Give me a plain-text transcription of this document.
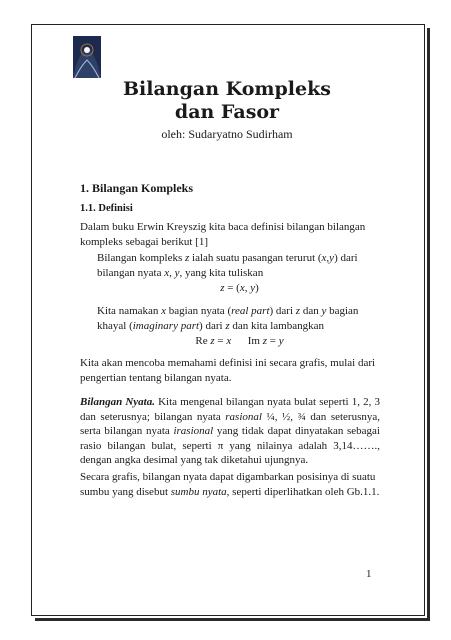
Bilangan Kompleks
dan Fasor
oleh: Sudaryatno Sudirham
1. Bilangan Kompleks
1.1. Definisi

Dalam buku Erwin Kreyszig kita baca definisi bilangan bilangan kompleks sebagai berikut [1]

Bilangan kompleks z ialah suatu pasangan terurut (x,y) dari bilangan nyata x, y, yang kita tuliskan

z = (x, y)

Kita namakan x bagian nyata (real part) dari z dan y bagian khayal (imaginary part) dari z dan kita lambangkan

Re z = x Im z = y

Kita akan mencoba memahami definisi ini secara grafis, mulai dari pengertian tentang bilangan nyata.

Bilangan Nyata. Kita mengenal bilangan nyata bulat seperti 1, 2, 3 dan seterusnya; bilangan nyata rasional ¼, ½, ¾ dan seterusnya, serta bilangan nyata irasional yang tidak dapat dinyatakan sebagai rasio bilangan bulat, seperti π yang nilainya adalah 3,14……., dengan angka desimal yang tak diketahui ujungnya.

Secara grafis, bilangan nyata dapat digambarkan posisinya di suatu sumbu yang disebut sumbu nyata, seperti diperlihatkan oleh Gb.1.1.

1
